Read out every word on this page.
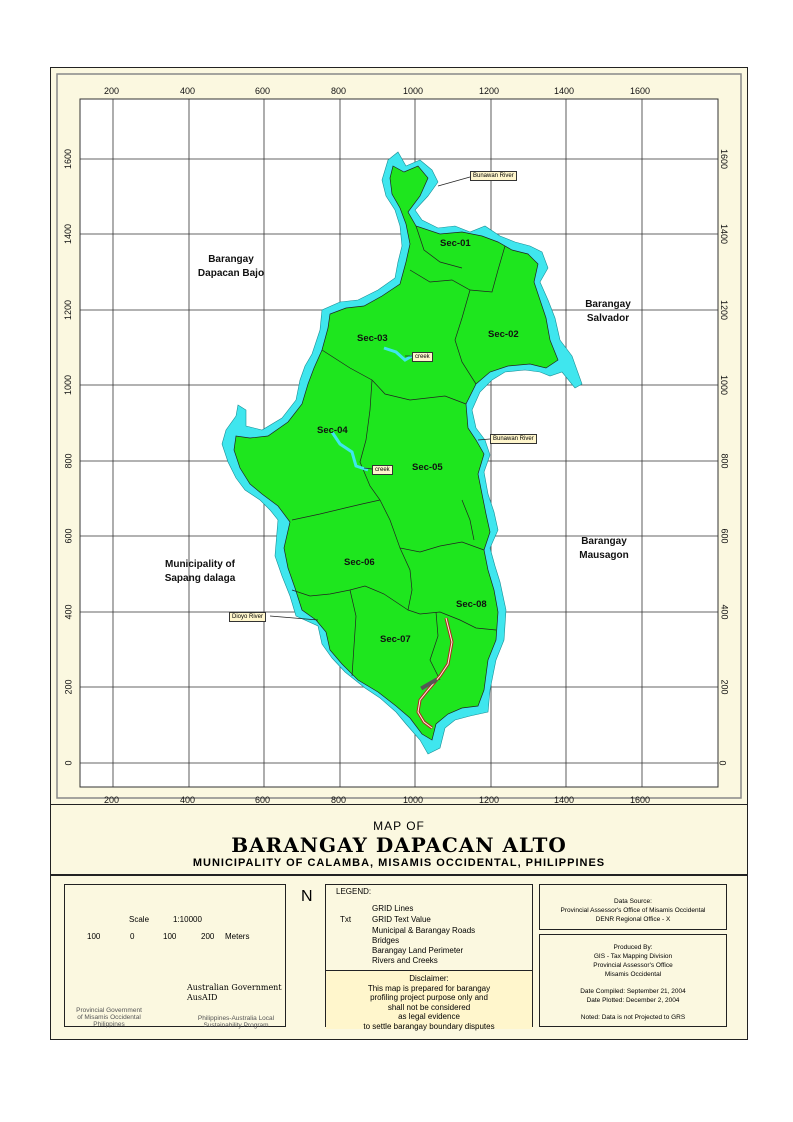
200	400	600	800	1000	1200	1400	1600
200	400	600	800	1000	1200	1400	1600
1600
1400
1200
1000
800
600
400
200
0
1600
1400
1200
1000
800
600
400
200
0
Barangay
Dapacan Bajo
Barangay
Salvador
Barangay
Mausagon
Municipality of
Sapang dalaga
Sec-01
Sec-02
Sec-03
Sec-04
Sec-05
Sec-06
Sec-07
Sec-08
Bunawan River
Bunawan River
creek
creek
Dioyo River
MAP OF
BARANGAY DAPACAN ALTO
MUNICIPALITY OF CALAMBA, MISAMIS OCCIDENTAL, PHILIPPINES
Scale	1:10000
100	0	100	200 Meters
Provincial Government
of Misamis Occidental
Philippines
Australian Government
AusAID
Philippines-Australia Local
Sustainability Program
N	LEGEND:
Txt
GRID Lines
GRID Text Value
Municipal & Barangay Roads
Bridges
Barangay Land Perimeter
Rivers and Creeks
Disclaimer:
This map is prepared for barangay
profiling project purpose only and
shall not be considered
as legal evidence
to settle barangay boundary disputes
Data Source:
Provincial Assessor's Office of Misamis Occidental
DENR Regional Office - X
Produced By:
GIS - Tax Mapping Division
Provincial Assessor's Office
Misamis Occidental
Date Compiled: September 21, 2004
Date Plotted: December 2, 2004
Noted: Data is not Projected to GRS
